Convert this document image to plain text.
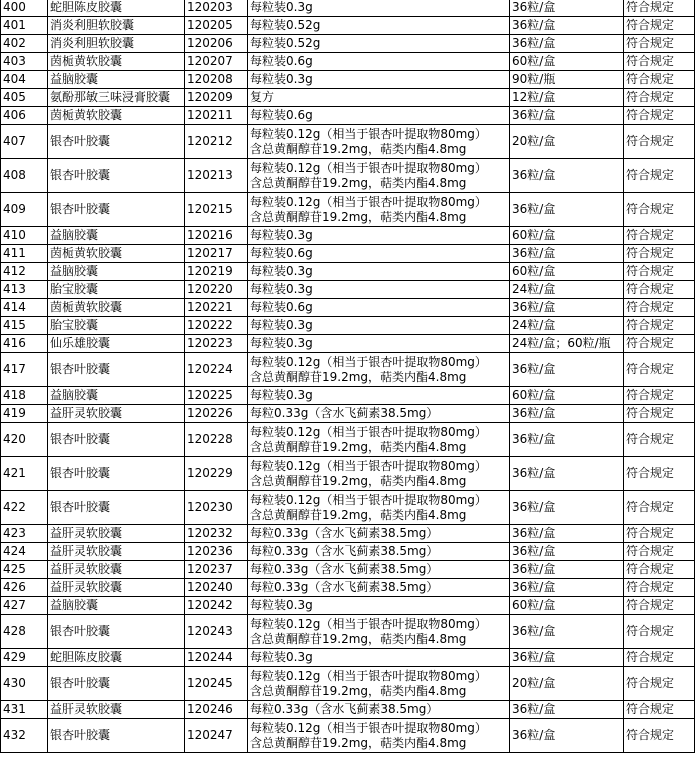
400	蛇胆陈皮胶囊	120203	每粒装0.3g	36粒/盒	符合规定
401	消炎利胆软胶囊	120205	每粒装0.52g	36粒/盒	符合规定
402	消炎利胆软胶囊	120206	每粒装0.52g	36粒/盒	符合规定
403	茵栀黄软胶囊	120207	每粒装0.6g	60粒/盒	符合规定
404	益脑胶囊	120208	每粒装0.3g	90粒/瓶	符合规定
405	氨酚那敏三味浸膏胶囊	120209	复方	12粒/盒	符合规定
406	茵栀黄软胶囊	120211	每粒装0.6g	36粒/盒	符合规定
407	银杏叶胶囊	120212	每粒装0.12g（相当于银杏叶提取物80mg）
含总黄酮醇苷19.2mg，萜类内酯4.8mg	20粒/盒	符合规定
408	银杏叶胶囊	120213	每粒装0.12g（相当于银杏叶提取物80mg）
含总黄酮醇苷19.2mg，萜类内酯4.8mg	36粒/盒	符合规定
409	银杏叶胶囊	120215	每粒装0.12g（相当于银杏叶提取物80mg）
含总黄酮醇苷19.2mg，萜类内酯4.8mg	36粒/盒	符合规定
410	益脑胶囊	120216	每粒装0.3g	60粒/盒	符合规定
411	茵栀黄软胶囊	120217	每粒装0.6g	36粒/盒	符合规定
412	益脑胶囊	120219	每粒装0.3g	60粒/盒	符合规定
413	胎宝胶囊	120220	每粒装0.3g	24粒/盒	符合规定
414	茵栀黄软胶囊	120221	每粒装0.6g	36粒/盒	符合规定
415	胎宝胶囊	120222	每粒装0.3g	24粒/盒	符合规定
416	仙乐雄胶囊	120223	每粒装0.3g	24粒/盒；60粒/瓶	符合规定
417	银杏叶胶囊	120224	每粒装0.12g（相当于银杏叶提取物80mg）
含总黄酮醇苷19.2mg，萜类内酯4.8mg	36粒/盒	符合规定
418	益脑胶囊	120225	每粒装0.3g	60粒/盒	符合规定
419	益肝灵软胶囊	120226	每粒0.33g（含水飞蓟素38.5mg）	36粒/盒	符合规定
420	银杏叶胶囊	120228	每粒装0.12g（相当于银杏叶提取物80mg）
含总黄酮醇苷19.2mg，萜类内酯4.8mg	36粒/盒	符合规定
421	银杏叶胶囊	120229	每粒装0.12g（相当于银杏叶提取物80mg）
含总黄酮醇苷19.2mg，萜类内酯4.8mg	36粒/盒	符合规定
422	银杏叶胶囊	120230	每粒装0.12g（相当于银杏叶提取物80mg）
含总黄酮醇苷19.2mg，萜类内酯4.8mg	36粒/盒	符合规定
423	益肝灵软胶囊	120232	每粒0.33g（含水飞蓟素38.5mg）	36粒/盒	符合规定
424	益肝灵软胶囊	120236	每粒0.33g（含水飞蓟素38.5mg）	36粒/盒	符合规定
425	益肝灵软胶囊	120237	每粒0.33g（含水飞蓟素38.5mg）	36粒/盒	符合规定
426	益肝灵软胶囊	120240	每粒0.33g（含水飞蓟素38.5mg）	36粒/盒	符合规定
427	益脑胶囊	120242	每粒装0.3g	60粒/盒	符合规定
428	银杏叶胶囊	120243	每粒装0.12g（相当于银杏叶提取物80mg）
含总黄酮醇苷19.2mg，萜类内酯4.8mg	36粒/盒	符合规定
429	蛇胆陈皮胶囊	120244	每粒装0.3g	36粒/盒	符合规定
430	银杏叶胶囊	120245	每粒装0.12g（相当于银杏叶提取物80mg）
含总黄酮醇苷19.2mg，萜类内酯4.8mg	20粒/盒	符合规定
431	益肝灵软胶囊	120246	每粒0.33g（含水飞蓟素38.5mg）	36粒/盒	符合规定
432	银杏叶胶囊	120247	每粒装0.12g（相当于银杏叶提取物80mg）
含总黄酮醇苷19.2mg，萜类内酯4.8mg	36粒/盒	符合规定
